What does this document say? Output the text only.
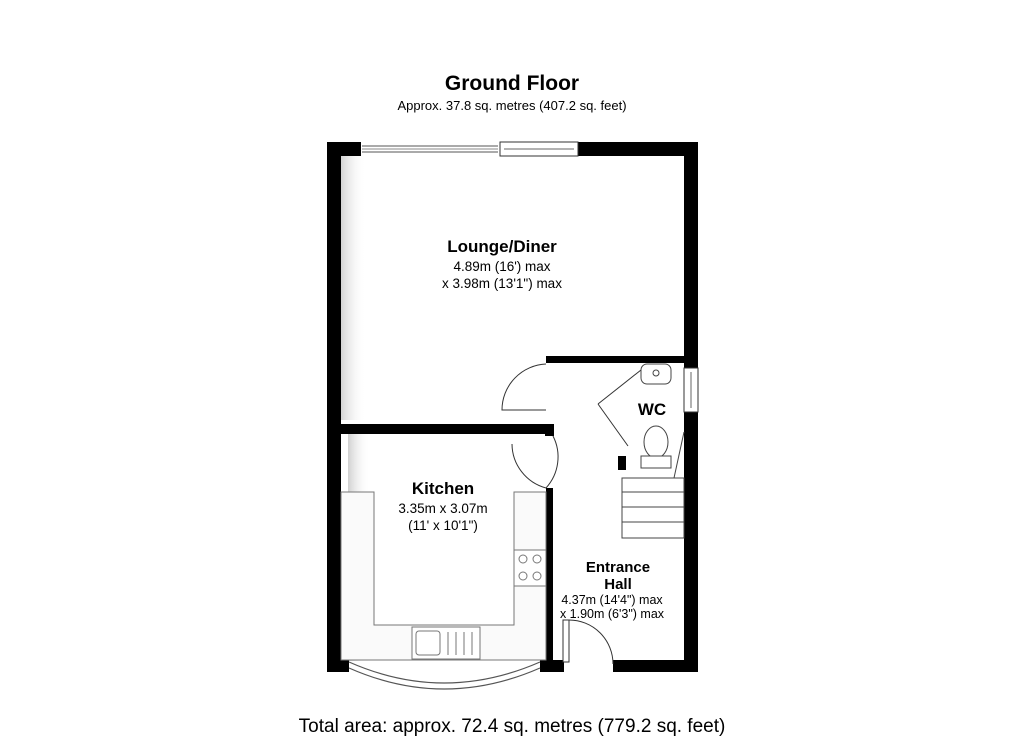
Ground Floor
Approx. 37.8 sq. metres (407.2 sq. feet)
Lounge/Diner
4.89m (16') max
x 3.98m (13'1") max
Kitchen
3.35m x 3.07m
(11' x 10'1")
WC
Entrance
Hall
4.37m (14'4") max
x 1.90m (6'3") max
Total area: approx. 72.4 sq. metres (779.2 sq. feet)
